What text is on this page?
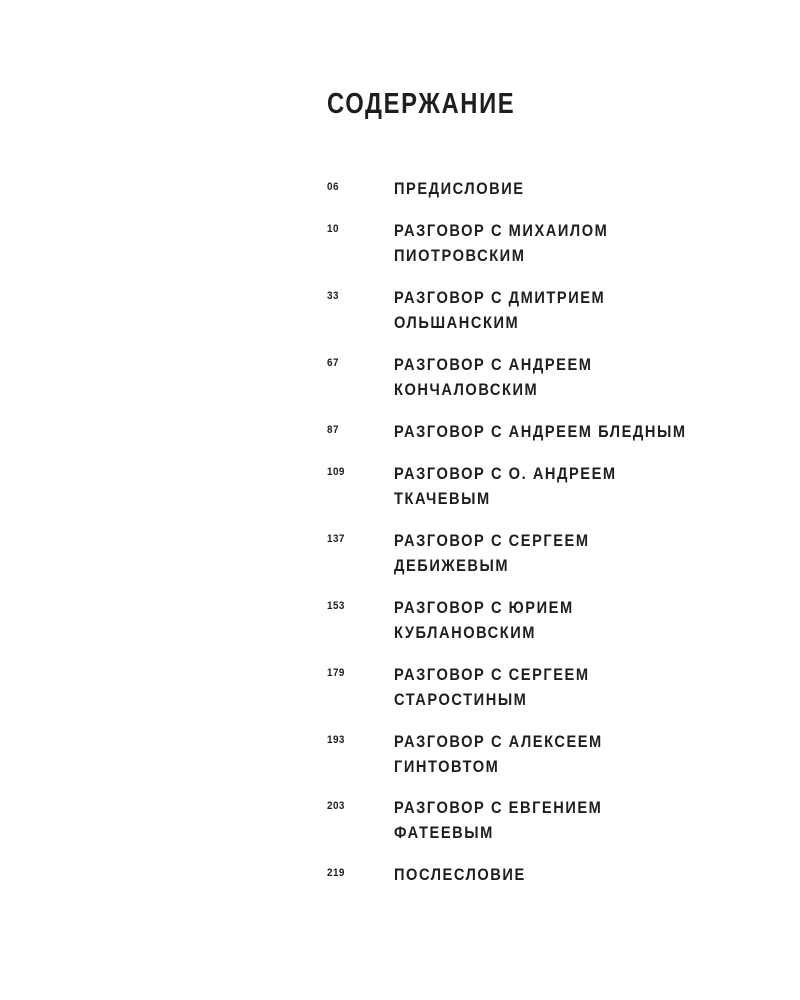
СОДЕРЖАНИЕ
06	ПРЕДИСЛОВИЕ
10	РАЗГОВОР С МИХАИЛОМ
ПИОТРОВСКИМ
33	РАЗГОВОР С ДМИТРИЕМ
ОЛЬШАНСКИМ
67	РАЗГОВОР С АНДРЕЕМ
КОНЧАЛОВСКИМ
87	РАЗГОВОР С АНДРЕЕМ БЛЕДНЫМ
109	РАЗГОВОР С О. АНДРЕЕМ
ТКАЧЕВЫМ
137	РАЗГОВОР С СЕРГЕЕМ
ДЕБИЖЕВЫМ
153	РАЗГОВОР С ЮРИЕМ
КУБЛАНОВСКИМ
179	РАЗГОВОР С СЕРГЕЕМ
СТАРОСТИНЫМ
193	РАЗГОВОР С АЛЕКСЕЕМ
ГИНТОВТОМ
203	РАЗГОВОР С ЕВГЕНИЕМ
ФАТЕЕВЫМ
219	ПОСЛЕСЛОВИЕ
